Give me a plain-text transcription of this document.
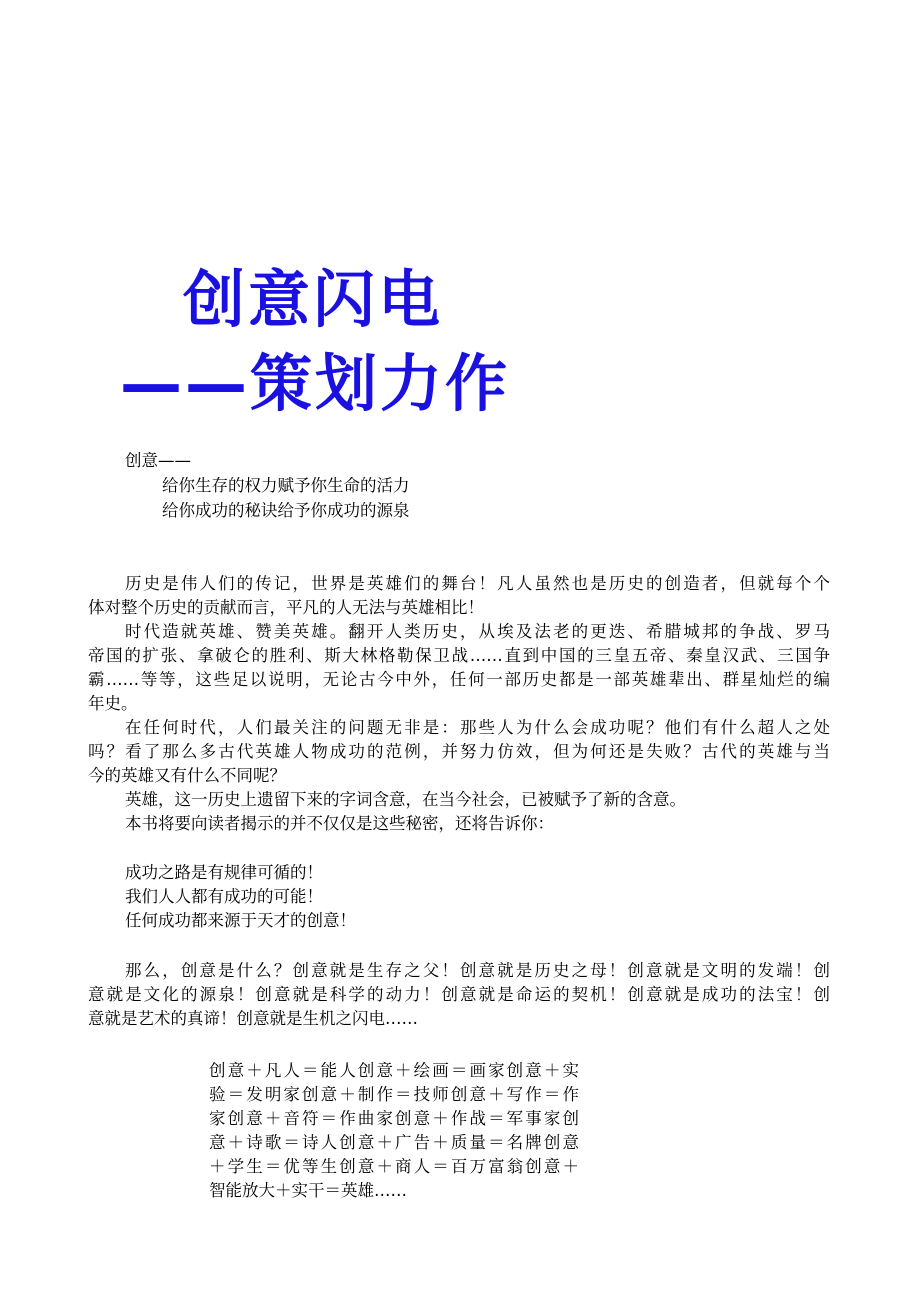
创意闪电
——策划力作

创意——

给你生存的权力赋予你生命的活力

给你成功的秘诀给予你成功的源泉

历史是伟人们的传记，世界是英雄们的舞台！凡人虽然也是历史的创造者，但就每个个

体对整个历史的贡献而言，平凡的人无法与英雄相比！

时代造就英雄、赞美英雄。翻开人类历史，从埃及法老的更迭、希腊城邦的争战、罗马

帝国的扩张、拿破仑的胜利、斯大林格勒保卫战……直到中国的三皇五帝、秦皇汉武、三国争

霸……等等，这些足以说明，无论古今中外，任何一部历史都是一部英雄辈出、群星灿烂的编

年史。

在任何时代，人们最关注的问题无非是：那些人为什么会成功呢？他们有什么超人之处

吗？看了那么多古代英雄人物成功的范例，并努力仿效，但为何还是失败？古代的英雄与当

今的英雄又有什么不同呢？

英雄，这一历史上遗留下来的字词含意，在当今社会，已被赋予了新的含意。

本书将要向读者揭示的并不仅仅是这些秘密，还将告诉你：

成功之路是有规律可循的！

我们人人都有成功的可能！

任何成功都来源于天才的创意！

那么，创意是什么？创意就是生存之父！创意就是历史之母！创意就是文明的发端！创

意就是文化的源泉！创意就是科学的动力！创意就是命运的契机！创意就是成功的法宝！创

意就是艺术的真谛！创意就是生机之闪电……

创意＋凡人＝能人创意＋绘画＝画家创意＋实

验＝发明家创意＋制作＝技师创意＋写作＝作

家创意＋音符＝作曲家创意＋作战＝军事家创

意＋诗歌＝诗人创意＋广告＋质量＝名牌创意

＋学生＝优等生创意＋商人＝百万富翁创意＋

智能放大＋实干＝英雄……
